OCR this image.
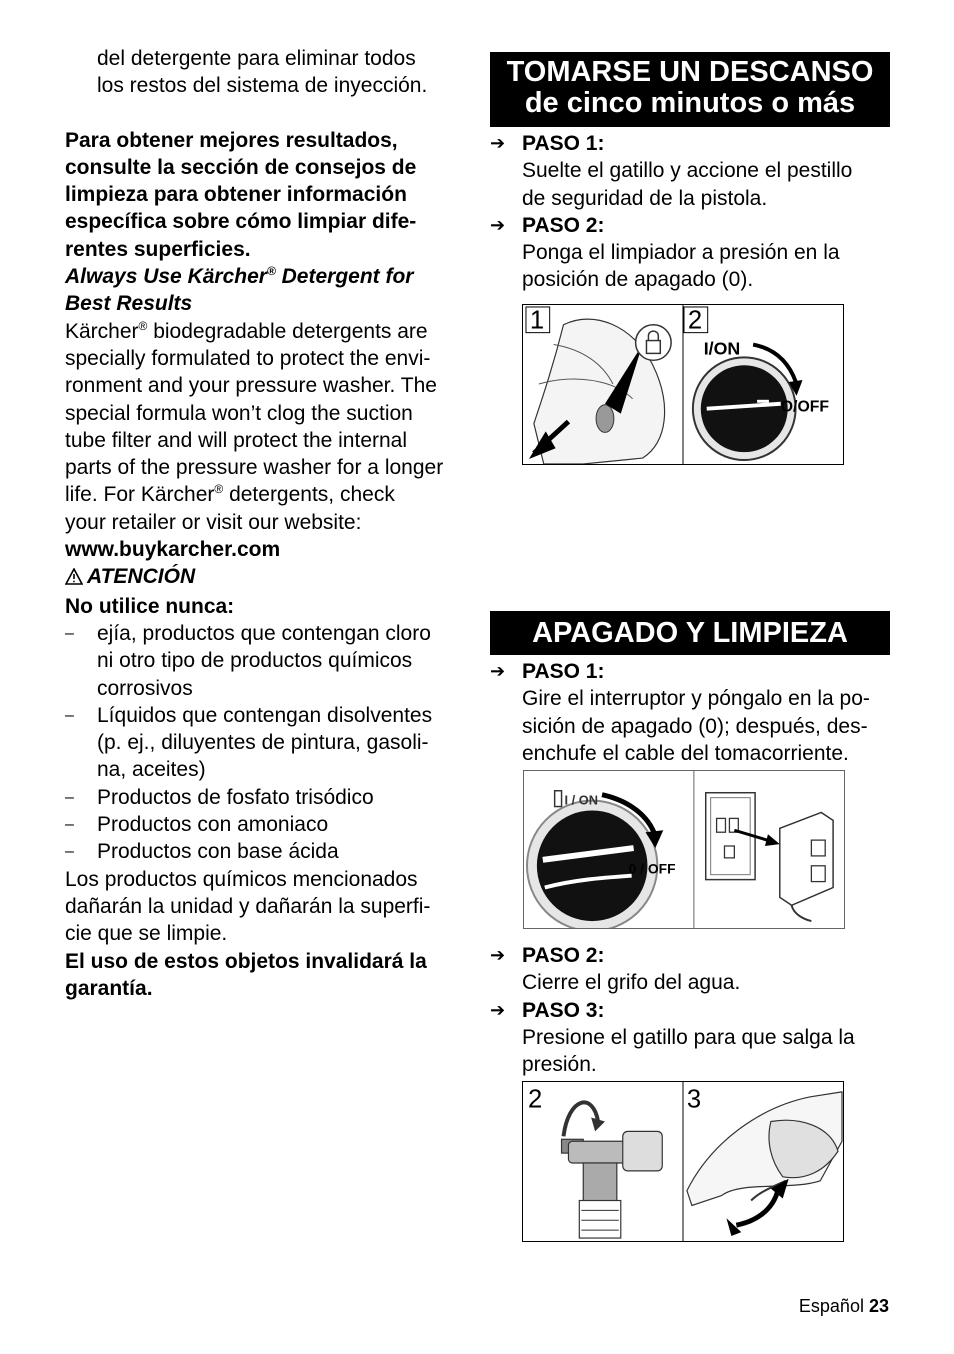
del detergente para eliminar todos

los restos del sistema de inyección.

Para obtener mejores resultados,

consulte la sección de consejos de

limpieza para obtener información

específica sobre cómo limpiar dife-

rentes superficies.

Always Use Kärcher® Detergent for

Best Results

Kärcher® biodegradable detergents are

specially formulated to protect the envi-

ronment and your pressure washer. The

special formula won’t clog the suction

tube filter and will protect the internal

parts of the pressure washer for a longer

life. For Kärcher® detergents, check

your retailer or visit our website:

www.buykarcher.com

ATENCIÓN

No utilice nunca:

– ejía, productos que contengan cloro

ni otro tipo de productos químicos

corrosivos

– Líquidos que contengan disolventes

(p. ej., diluyentes de pintura, gasoli-

na, aceites)

– Productos de fosfato trisódico

– Productos con amoniaco

– Productos con base ácida

Los productos químicos mencionados

dañarán la unidad y dañarán la superfi-

cie que se limpie.

El uso de estos objetos invalidará la

garantía.

TOMARSE UN DESCANSO
de cinco minutos o más
➔ PASO 1:

Suelte el gatillo y accione el pestillo

de seguridad de la pistola.

➔ PASO 2:

Ponga el limpiador a presión en la

posición de apagado (0).

APAGADO Y LIMPIEZA
➔ PASO 1:

Gire el interruptor y póngalo en la po-

sición de apagado (0); después, des-

enchufe el cable del tomacorriente.

➔ PASO 2:

Cierre el grifo del agua.

➔ PASO 3:

Presione el gatillo para que salga la

presión.

1	2
I/ON
O/OFF
I / ON
0 / OFF
2	3
Español 23
